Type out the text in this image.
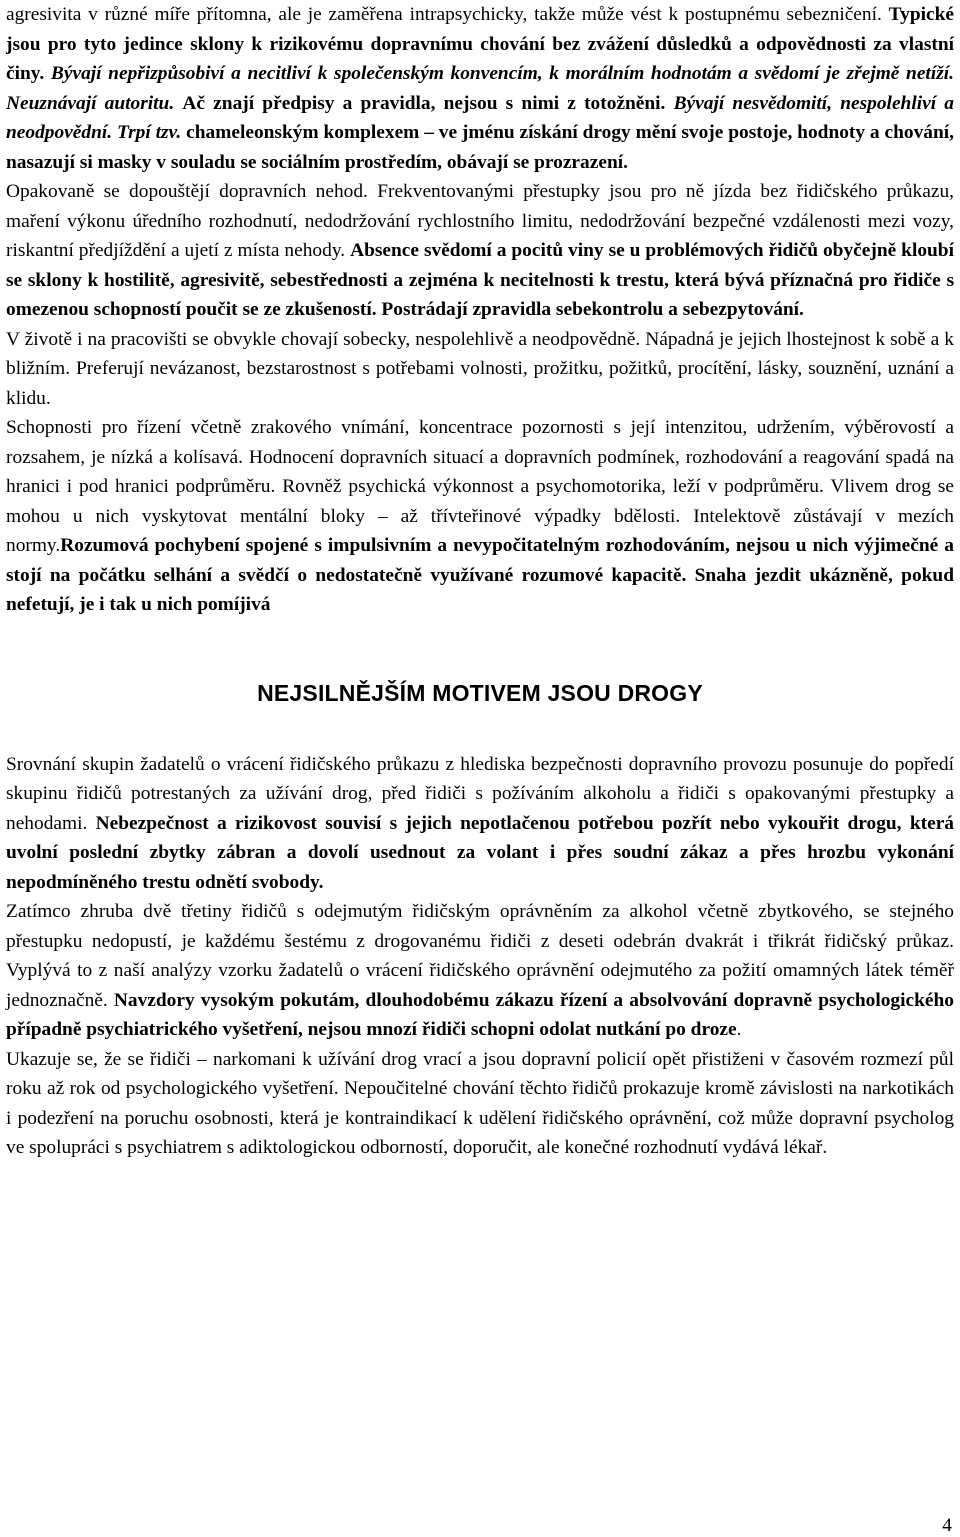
agresivita v různé míře přítomna, ale je zaměřena intrapsychicky, takže může vést k postupnému sebezničení. Typické jsou pro tyto jedince sklony k rizikovému dopravnímu chování bez zvážení důsledků a odpovědnosti za vlastní činy. Bývají nepřizpůsobiví a necitliví k společenským konvencím, k morálním hodnotám a svědomí je zřejmě netíží. Neuznávají autoritu. Ač znají předpisy a pravidla, nejsou s nimi z totožněni. Bývají nesvědomití, nespolehliví a neodpovědní. Trpí tzv. chameleonským komplexem – ve jménu získání drogy mění svoje postoje, hodnoty a chování, nasazují si masky v souladu se sociálním prostředím, obávají se prozrazení.

Opakovaně se dopouštějí dopravních nehod. Frekventovanými přestupky jsou pro ně jízda bez řidičského průkazu, maření výkonu úředního rozhodnutí, nedodržování rychlostního limitu, nedodržování bezpečné vzdálenosti mezi vozy, riskantní předjíždění a ujetí z místa nehody. Absence svědomí a pocitů viny se u problémových řidičů obyčejně kloubí se sklony k hostilitě, agresivitě, sebestřednosti a zejména k necitelnosti k trestu, která bývá příznačná pro řidiče s omezenou schopností poučit se ze zkušeností. Postrádají zpravidla sebekontrolu a sebezpytování.

V životě i na pracovišti se obvykle chovají sobecky, nespolehlivě a neodpovědně. Nápadná je jejich lhostejnost k sobě a k bližním. Preferují nevázanost, bezstarostnost s potřebami volnosti, prožitku, požitků, procítění, lásky, souznění, uznání a klidu.

Schopnosti pro řízení včetně zrakového vnímání, koncentrace pozornosti s její intenzitou, udržením, výběrovostí a rozsahem, je nízká a kolísavá. Hodnocení dopravních situací a dopravních podmínek, rozhodování a reagování spadá na hranici i pod hranici podprůměru. Rovněž psychická výkonnost a psychomotorika, leží v podprůměru. Vlivem drog se mohou u nich vyskytovat mentální bloky – až třívteřinové výpadky bdělosti. Intelektově zůstávají v mezích normy.Rozumová pochybení spojené s impulsivním a nevypočitatelným rozhodováním, nejsou u nich výjimečné a stojí na počátku selhání a svědčí o nedostatečně využívané rozumové kapacitě. Snaha jezdit ukázněně, pokud nefetují, je i tak u nich pomíjivá

NEJSILNĚJŠÍM MOTIVEM JSOU DROGY

Srovnání skupin žadatelů o vrácení řidičského průkazu z hlediska bezpečnosti dopravního provozu posunuje do popředí skupinu řidičů potrestaných za užívání drog, před řidiči s požíváním alkoholu a řidiči s opakovanými přestupky a nehodami. Nebezpečnost a rizikovost souvisí s jejich nepotlačenou potřebou pozřít nebo vykouřit drogu, která uvolní poslední zbytky zábran a dovolí usednout za volant i přes soudní zákaz a přes hrozbu vykonání nepodmíněného trestu odnětí svobody.

Zatímco zhruba dvě třetiny řidičů s odejmutým řidičským oprávněním za alkohol včetně zbytkového, se stejného přestupku nedopustí, je každému šestému z drogovanému řidiči z deseti odebrán dvakrát i třikrát řidičský průkaz. Vyplývá to z naší analýzy vzorku žadatelů o vrácení řidičského oprávnění odejmutého za požití omamných látek téměř jednoznačně. Navzdory vysokým pokutám, dlouhodobému zákazu řízení a absolvování dopravně psychologického případně psychiatrického vyšetření, nejsou mnozí řidiči schopni odolat nutkání po droze.

Ukazuje se, že se řidiči – narkomani k užívání drog vrací a jsou dopravní policií opět přistiženi v časovém rozmezí půl roku až rok od psychologického vyšetření. Nepoučitelné chování těchto řidičů prokazuje kromě závislosti na narkotikách i podezření na poruchu osobnosti, která je kontraindikací k udělení řidičského oprávnění, což může dopravní psycholog ve spolupráci s psychiatrem s adiktologickou odborností, doporučit, ale konečné rozhodnutí vydává lékař.

4
